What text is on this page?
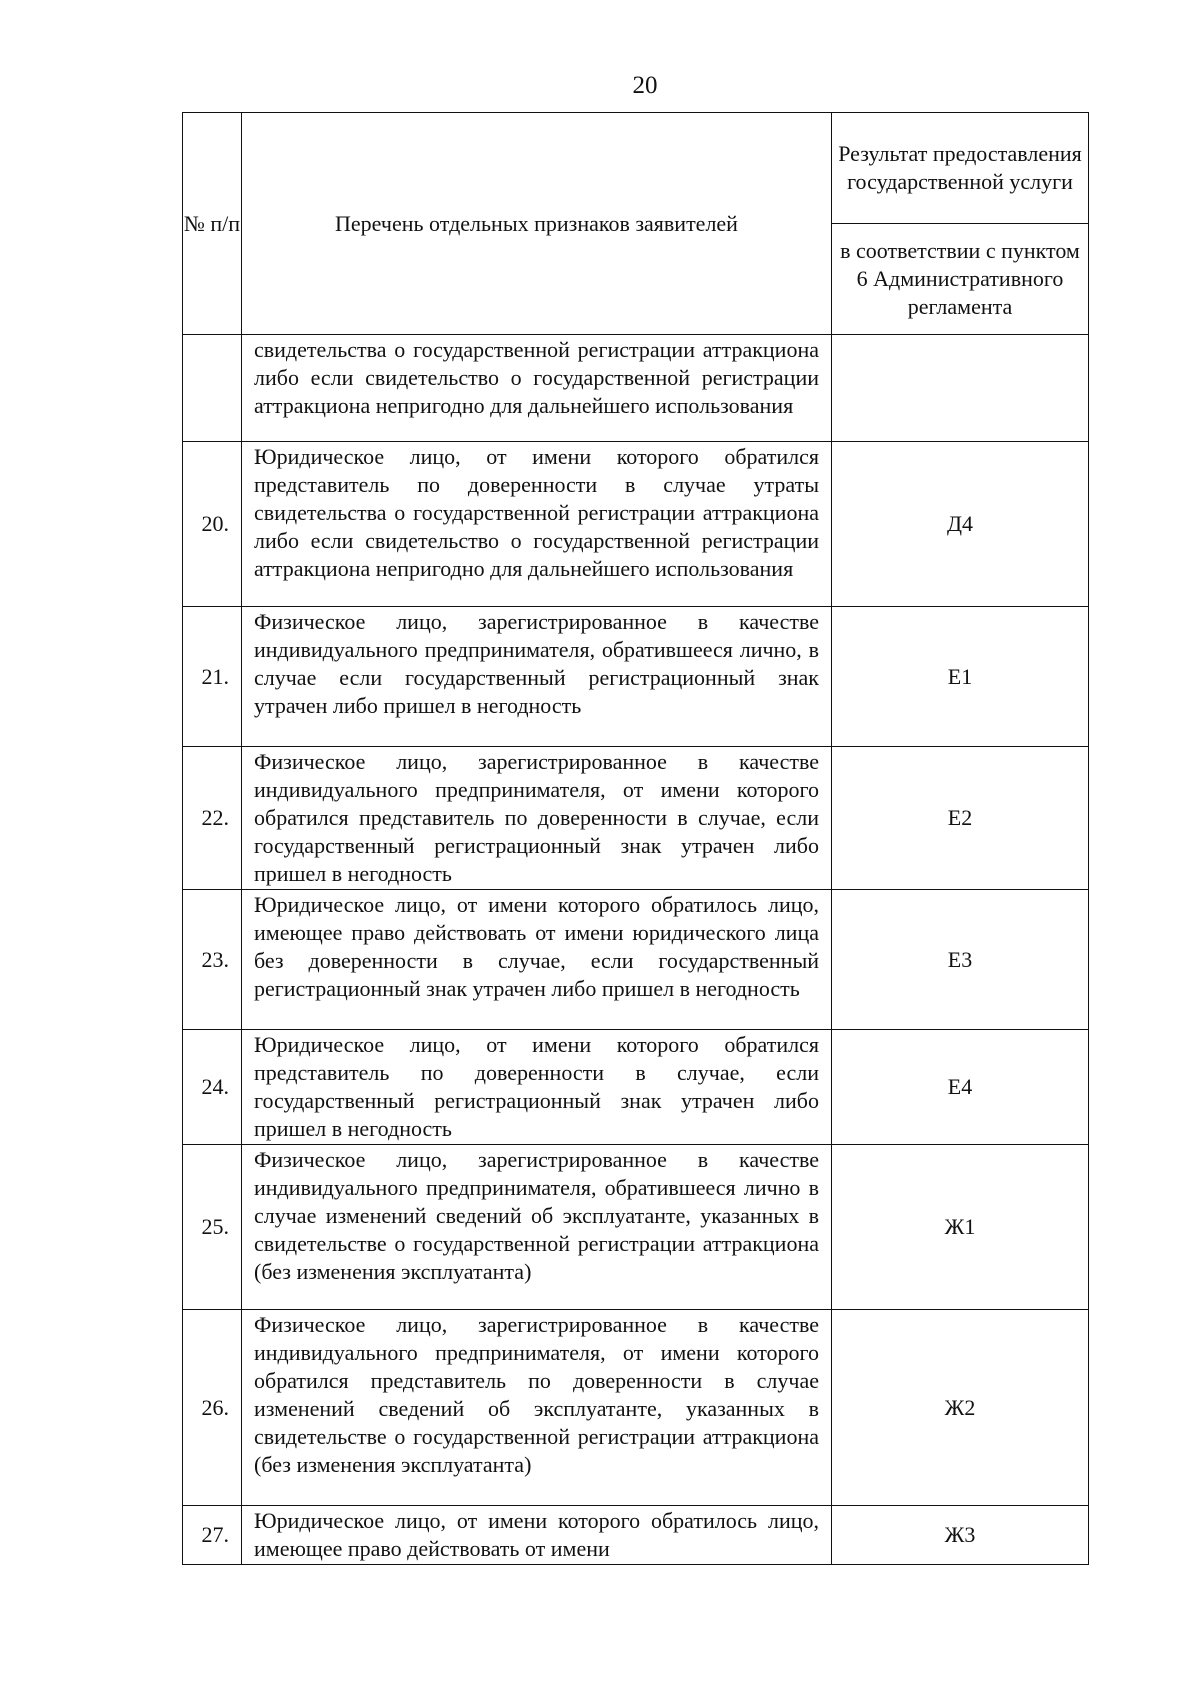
20
№ п/п	Перечень отдельных признаков заявителей	Результат предоставления государственной услуги
		в соответствии с пунктом 6 Административного регламента
	свидетельства о государственной регистрации аттракциона либо если свидетельство о государственной регистрации аттракциона непригодно для дальнейшего использования	
20.	Юридическое лицо, от имени которого обратился представитель по доверенности в случае утраты свидетельства о государственной регистрации аттракциона либо если свидетельство о государственной регистрации аттракциона непригодно для дальнейшего использования	Д4
21.	Физическое лицо, зарегистрированное в качестве индивидуального предпринимателя, обратившееся лично, в случае если государственный регистрационный знак утрачен либо пришел в негодность	Е1
22.	Физическое лицо, зарегистрированное в качестве индивидуального предпринимателя, от имени которого обратился представитель по доверенности в случае, если государственный регистрационный знак утрачен либо пришел в негодность	Е2
23.	Юридическое лицо, от имени которого обратилось лицо, имеющее право действовать от имени юридического лица без доверенности в случае, если государственный регистрационный знак утрачен либо пришел в негодность	Е3
24.	Юридическое лицо, от имени которого обратился представитель по доверенности в случае, если государственный регистрационный знак утрачен либо пришел в негодность	Е4
25.	Физическое лицо, зарегистрированное в качестве индивидуального предпринимателя, обратившееся лично в случае изменений сведений об эксплуатанте, указанных в свидетельстве о государственной регистрации аттракциона (без изменения эксплуатанта)	Ж1
26.	Физическое лицо, зарегистрированное в качестве индивидуального предпринимателя, от имени которого обратился представитель по доверенности в случае изменений сведений об эксплуатанте, указанных в свидетельстве о государственной регистрации аттракциона (без изменения эксплуатанта)	Ж2
27.	Юридическое лицо, от имени которого обратилось лицо, имеющее право действовать от имени	Ж3
